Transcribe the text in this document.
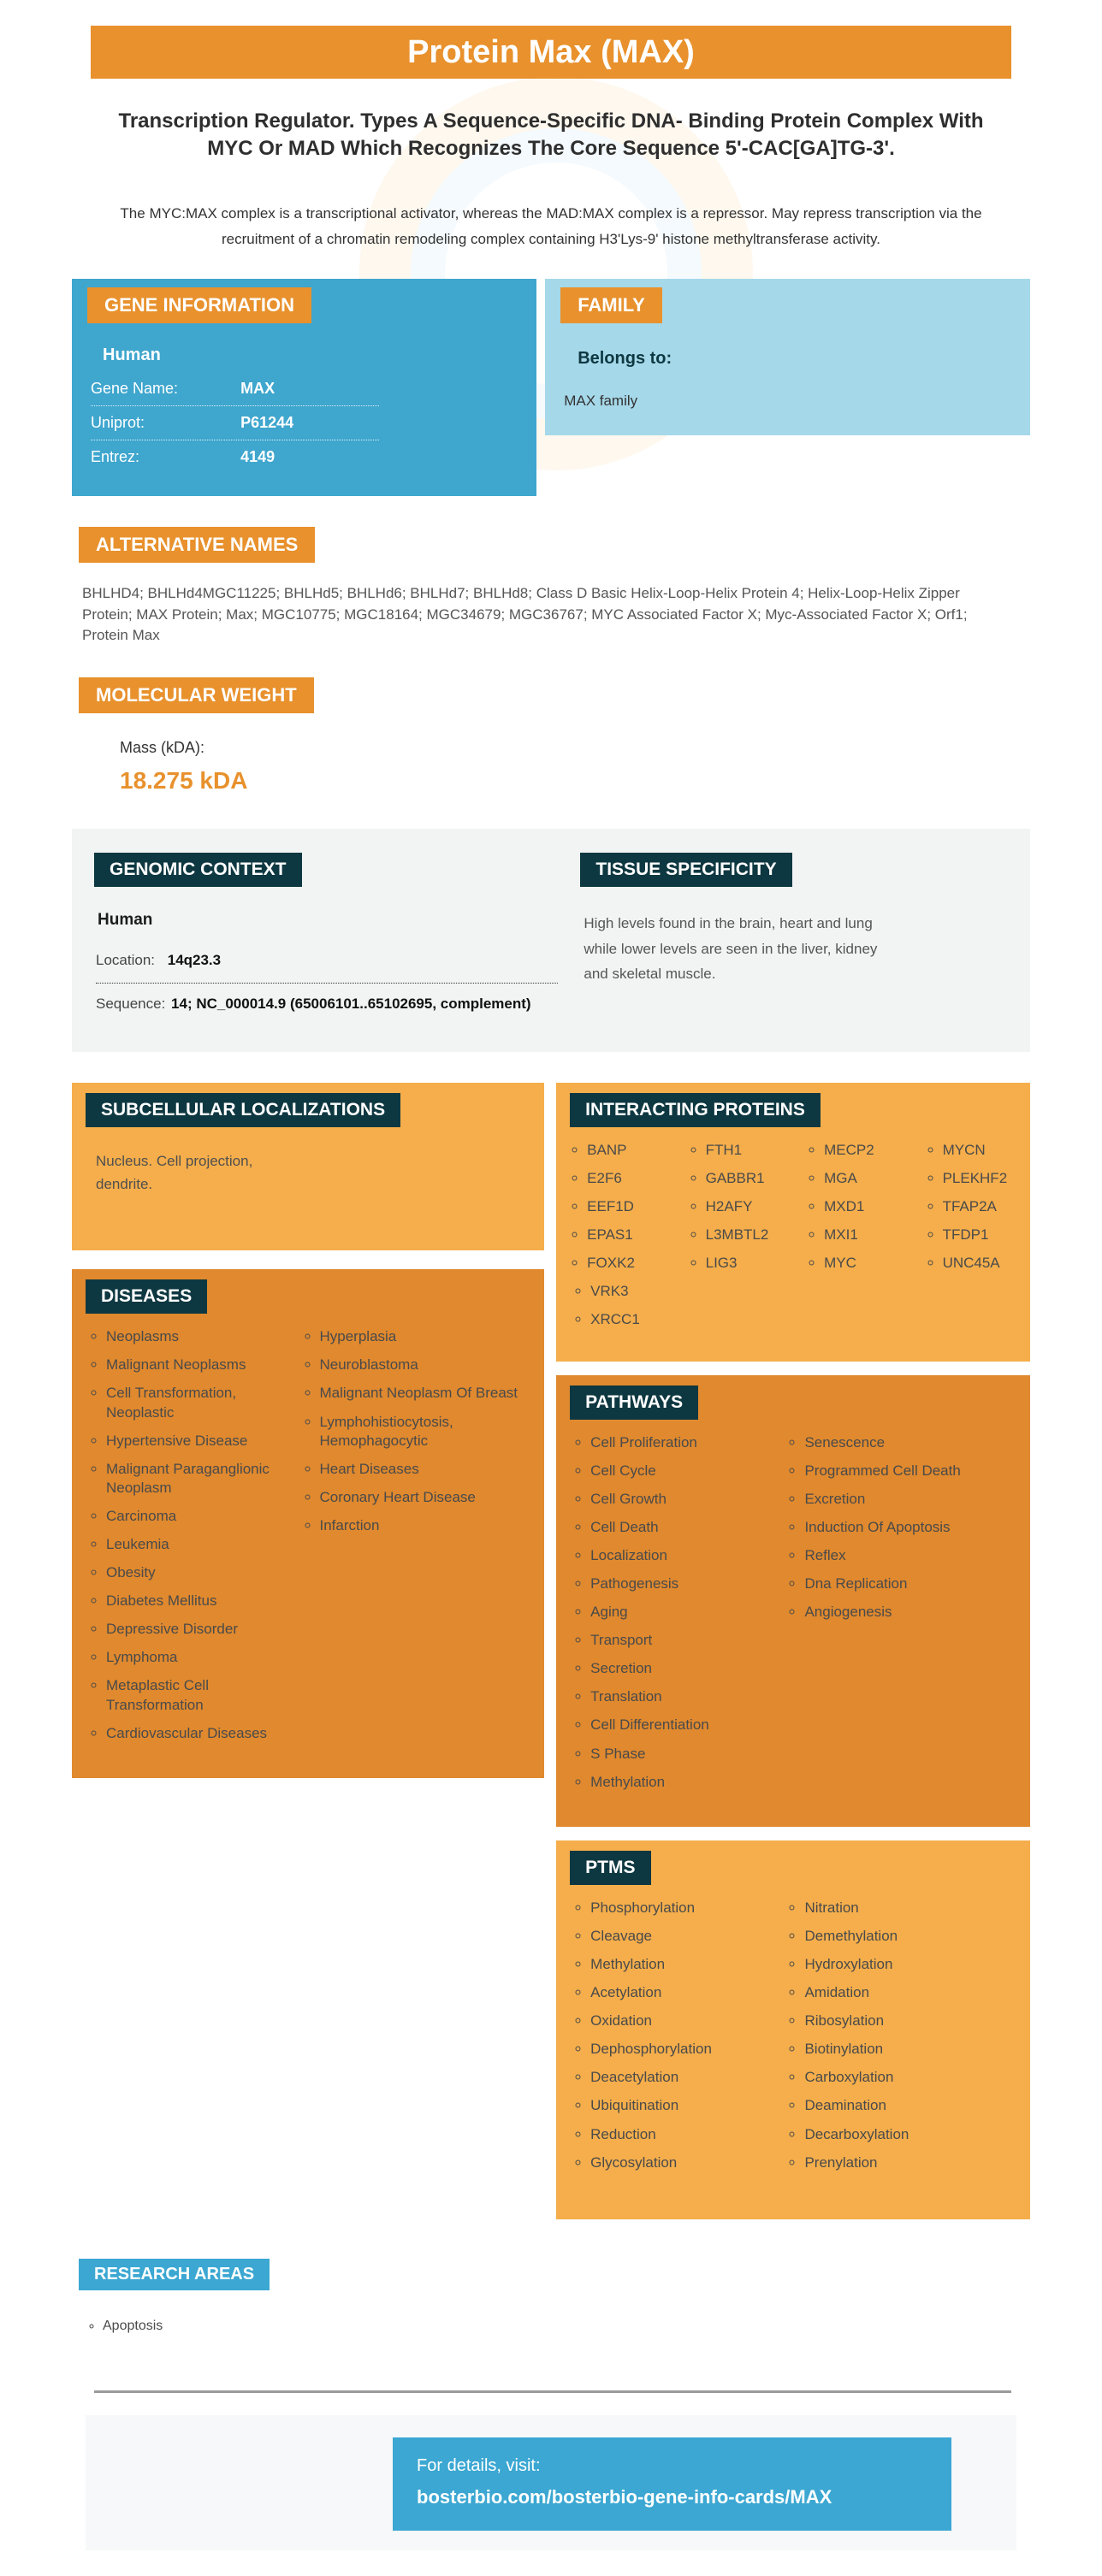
Protein Max (MAX)
Transcription Regulator. Types A Sequence-Specific DNA- Binding Protein Complex With MYC Or MAD Which Recognizes The Core Sequence 5'-CAC[GA]TG-3'.
The MYC:MAX complex is a transcriptional activator, whereas the MAD:MAX complex is a repressor. May repress transcription via the recruitment of a chromatin remodeling complex containing H3'Lys-9' histone methyltransferase activity.
GENE INFORMATION
Human
Gene Name:	MAX
Uniprot:	P61244
Entrez:	4149
FAMILY
Belongs to:
MAX family
ALTERNATIVE NAMES
BHLHD4; BHLHd4MGC11225; BHLHd5; BHLHd6; BHLHd7; BHLHd8; Class D Basic Helix-Loop-Helix Protein 4; Helix-Loop-Helix Zipper Protein; MAX Protein; Max; MGC10775; MGC18164; MGC34679; MGC36767; MYC Associated Factor X; Myc-Associated Factor X; Orf1; Protein Max
MOLECULAR WEIGHT
Mass (kDA):
18.275 kDA
GENOMIC CONTEXT
Human
Location: 14q23.3
Sequence: 14; NC_000014.9 (65006101..65102695, complement)
TISSUE SPECIFICITY
High levels found in the brain, heart and lung while lower levels are seen in the liver, kidney and skeletal muscle.
SUBCELLULAR LOCALIZATIONS
Nucleus. Cell projection, dendrite.
DISEASES
◦ Neoplasms
◦ Malignant Neoplasms
◦ Cell Transformation, Neoplastic
◦ Hypertensive Disease
◦ Malignant Paraganglionic Neoplasm
◦ Carcinoma
◦ Leukemia
◦ Obesity
◦ Diabetes Mellitus
◦ Depressive Disorder
◦ Lymphoma
◦ Metaplastic Cell Transformation
◦ Cardiovascular Diseases
◦ Hyperplasia
◦ Neuroblastoma
◦ Malignant Neoplasm Of Breast
◦ Lymphohistiocytosis, Hemophagocytic
◦ Heart Diseases
◦ Coronary Heart Disease
◦ Infarction
INTERACTING PROTEINS
◦ BANP
◦ E2F6
◦ EEF1D
◦ EPAS1
◦ FOXK2
◦ FTH1
◦ GABBR1
◦ H2AFY
◦ L3MBTL2
◦ LIG3
◦ MECP2
◦ MGA
◦ MXD1
◦ MXI1
◦ MYC
◦ MYCN
◦ PLEKHF2
◦ TFAP2A
◦ TFDP1
◦ UNC45A
◦ VRK3
◦ XRCC1
PATHWAYS
◦ Cell Proliferation
◦ Cell Cycle
◦ Cell Growth
◦ Cell Death
◦ Localization
◦ Pathogenesis
◦ Aging
◦ Transport
◦ Secretion
◦ Translation
◦ Cell Differentiation
◦ S Phase
◦ Methylation
◦ Senescence
◦ Programmed Cell Death
◦ Excretion
◦ Induction Of Apoptosis
◦ Reflex
◦ Dna Replication
◦ Angiogenesis
PTMS
◦ Phosphorylation
◦ Cleavage
◦ Methylation
◦ Acetylation
◦ Oxidation
◦ Dephosphorylation
◦ Deacetylation
◦ Ubiquitination
◦ Reduction
◦ Glycosylation
◦ Nitration
◦ Demethylation
◦ Hydroxylation
◦ Amidation
◦ Ribosylation
◦ Biotinylation
◦ Carboxylation
◦ Deamination
◦ Decarboxylation
◦ Prenylation
RESEARCH AREAS
◦ Apoptosis
For details, visit:
bosterbio.com/bosterbio-gene-info-cards/MAX
